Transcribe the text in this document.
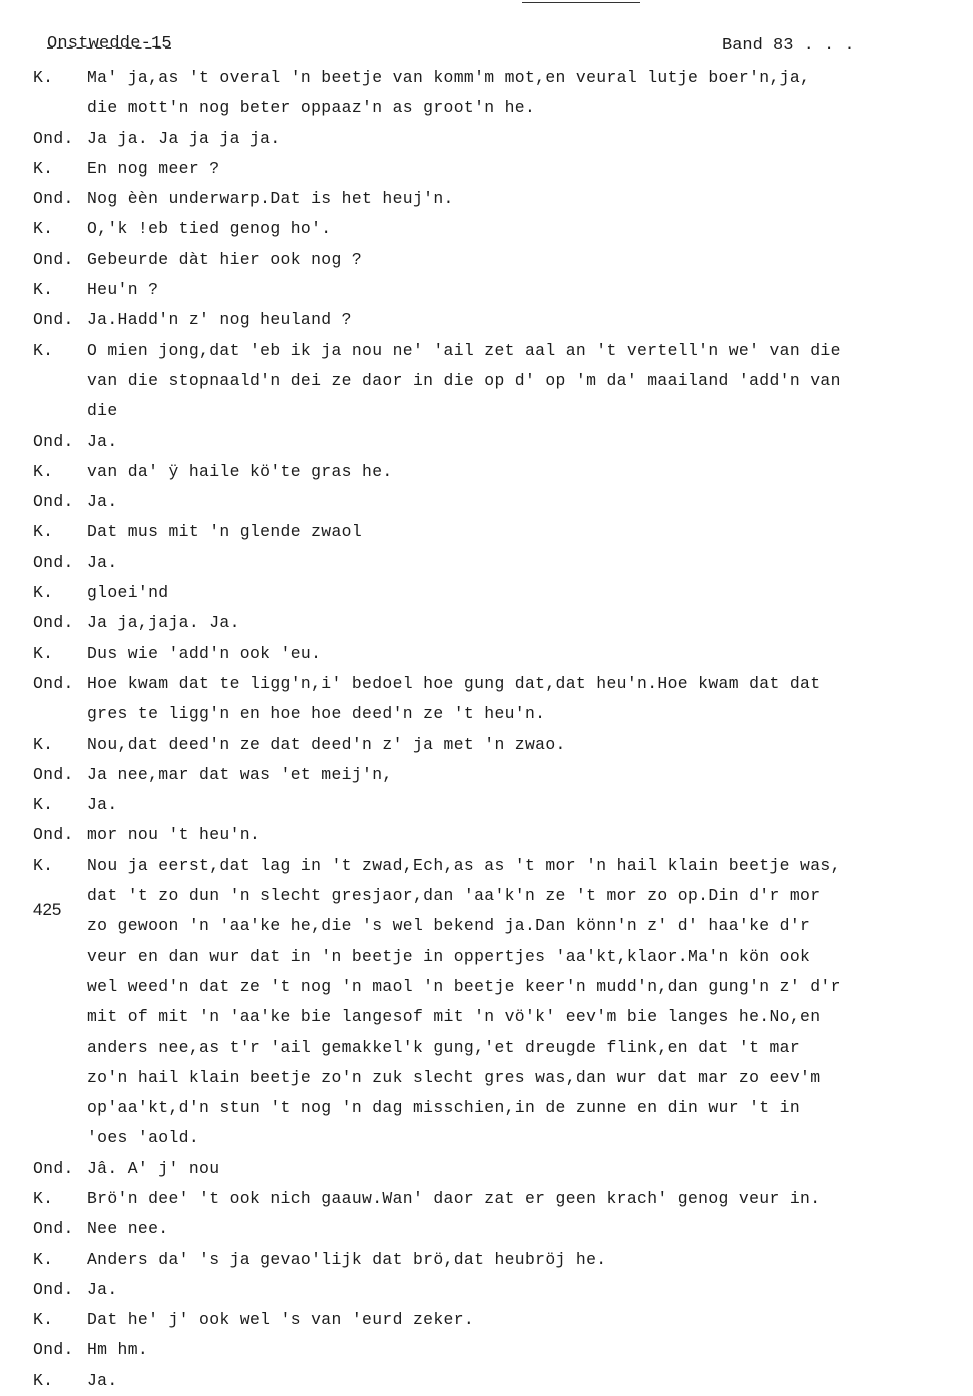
Onstwedde-15	Band 83 . . .
425
K. Ma' ja,as 't overal 'n beetje van komm'm mot,en veural lutje boer'n,ja,
die mott'n nog beter oppaaz'n as groot'n he.
Ond. Ja ja. Ja ja ja ja.
K. En nog meer ?
Ond. Nog èèn underwarp.Dat is het heuj'n.
K. O,'k !eb tied genog ho'.
Ond. Gebeurde dàt hier ook nog ?
K. Heu'n ?
Ond. Ja.Hadd'n z' nog heuland ?
K. O mien jong,dat 'eb ik ja nou ne' 'ail zet aal an 't vertell'n we' van die
van die stopnaald'n dei ze daor in die op d' op 'm da' maailand 'add'n van
die
Ond. Ja.
K. van da' ÿ haile kö'te gras he.
Ond. Ja.
K. Dat mus mit 'n glende zwaol
Ond. Ja.
K. gloei'nd
Ond. Ja ja,jaja. Ja.
K. Dus wie 'add'n ook 'eu.
Ond. Hoe kwam dat te ligg'n,i' bedoel hoe gung dat,dat heu'n.Hoe kwam dat dat
gres te ligg'n en hoe hoe deed'n ze 't heu'n.
K. Nou,dat deed'n ze dat deed'n z' ja met 'n zwao.
Ond. Ja nee,mar dat was 'et meij'n,
K. Ja.
Ond. mor nou 't heu'n.
K. Nou ja eerst,dat lag in 't zwad,Ech,as as 't mor 'n hail klain beetje was,
dat 't zo dun 'n slecht gresjaor,dan 'aa'k'n ze 't mor zo op.Din d'r mor
zo gewoon 'n 'aa'ke he,die 's wel bekend ja.Dan könn'n z' d' haa'ke d'r
veur en dan wur dat in 'n beetje in oppertjes 'aa'kt,klaor.Ma'n kön ook
wel weed'n dat ze 't nog 'n maol 'n beetje keer'n mudd'n,dan gung'n z' d'r
mit of mit 'n 'aa'ke bie langesof mit 'n vö'k' eev'm bie langes he.No,en
anders nee,as t'r 'ail gemakkel'k gung,'et dreugde flink,en dat 't mar
zo'n hail klain beetje zo'n zuk slecht gres was,dan wur dat mar zo eev'm
op'aa'kt,d'n stun 't nog 'n dag misschien,in de zunne en din wur 't in
'oes 'aold.
Ond. Jâ. A' j' nou
K. Brö'n dee' 't ook nich gaauw.Wan' daor zat er geen krach' genog veur in.
Ond. Nee nee.
K. Anders da' 's ja gevao'lijk dat brö,dat heubröj he.
Ond. Ja.
K. Dat he' j' ook wel 's van 'eurd zeker.
Ond. Hm hm.
K. Ja.
